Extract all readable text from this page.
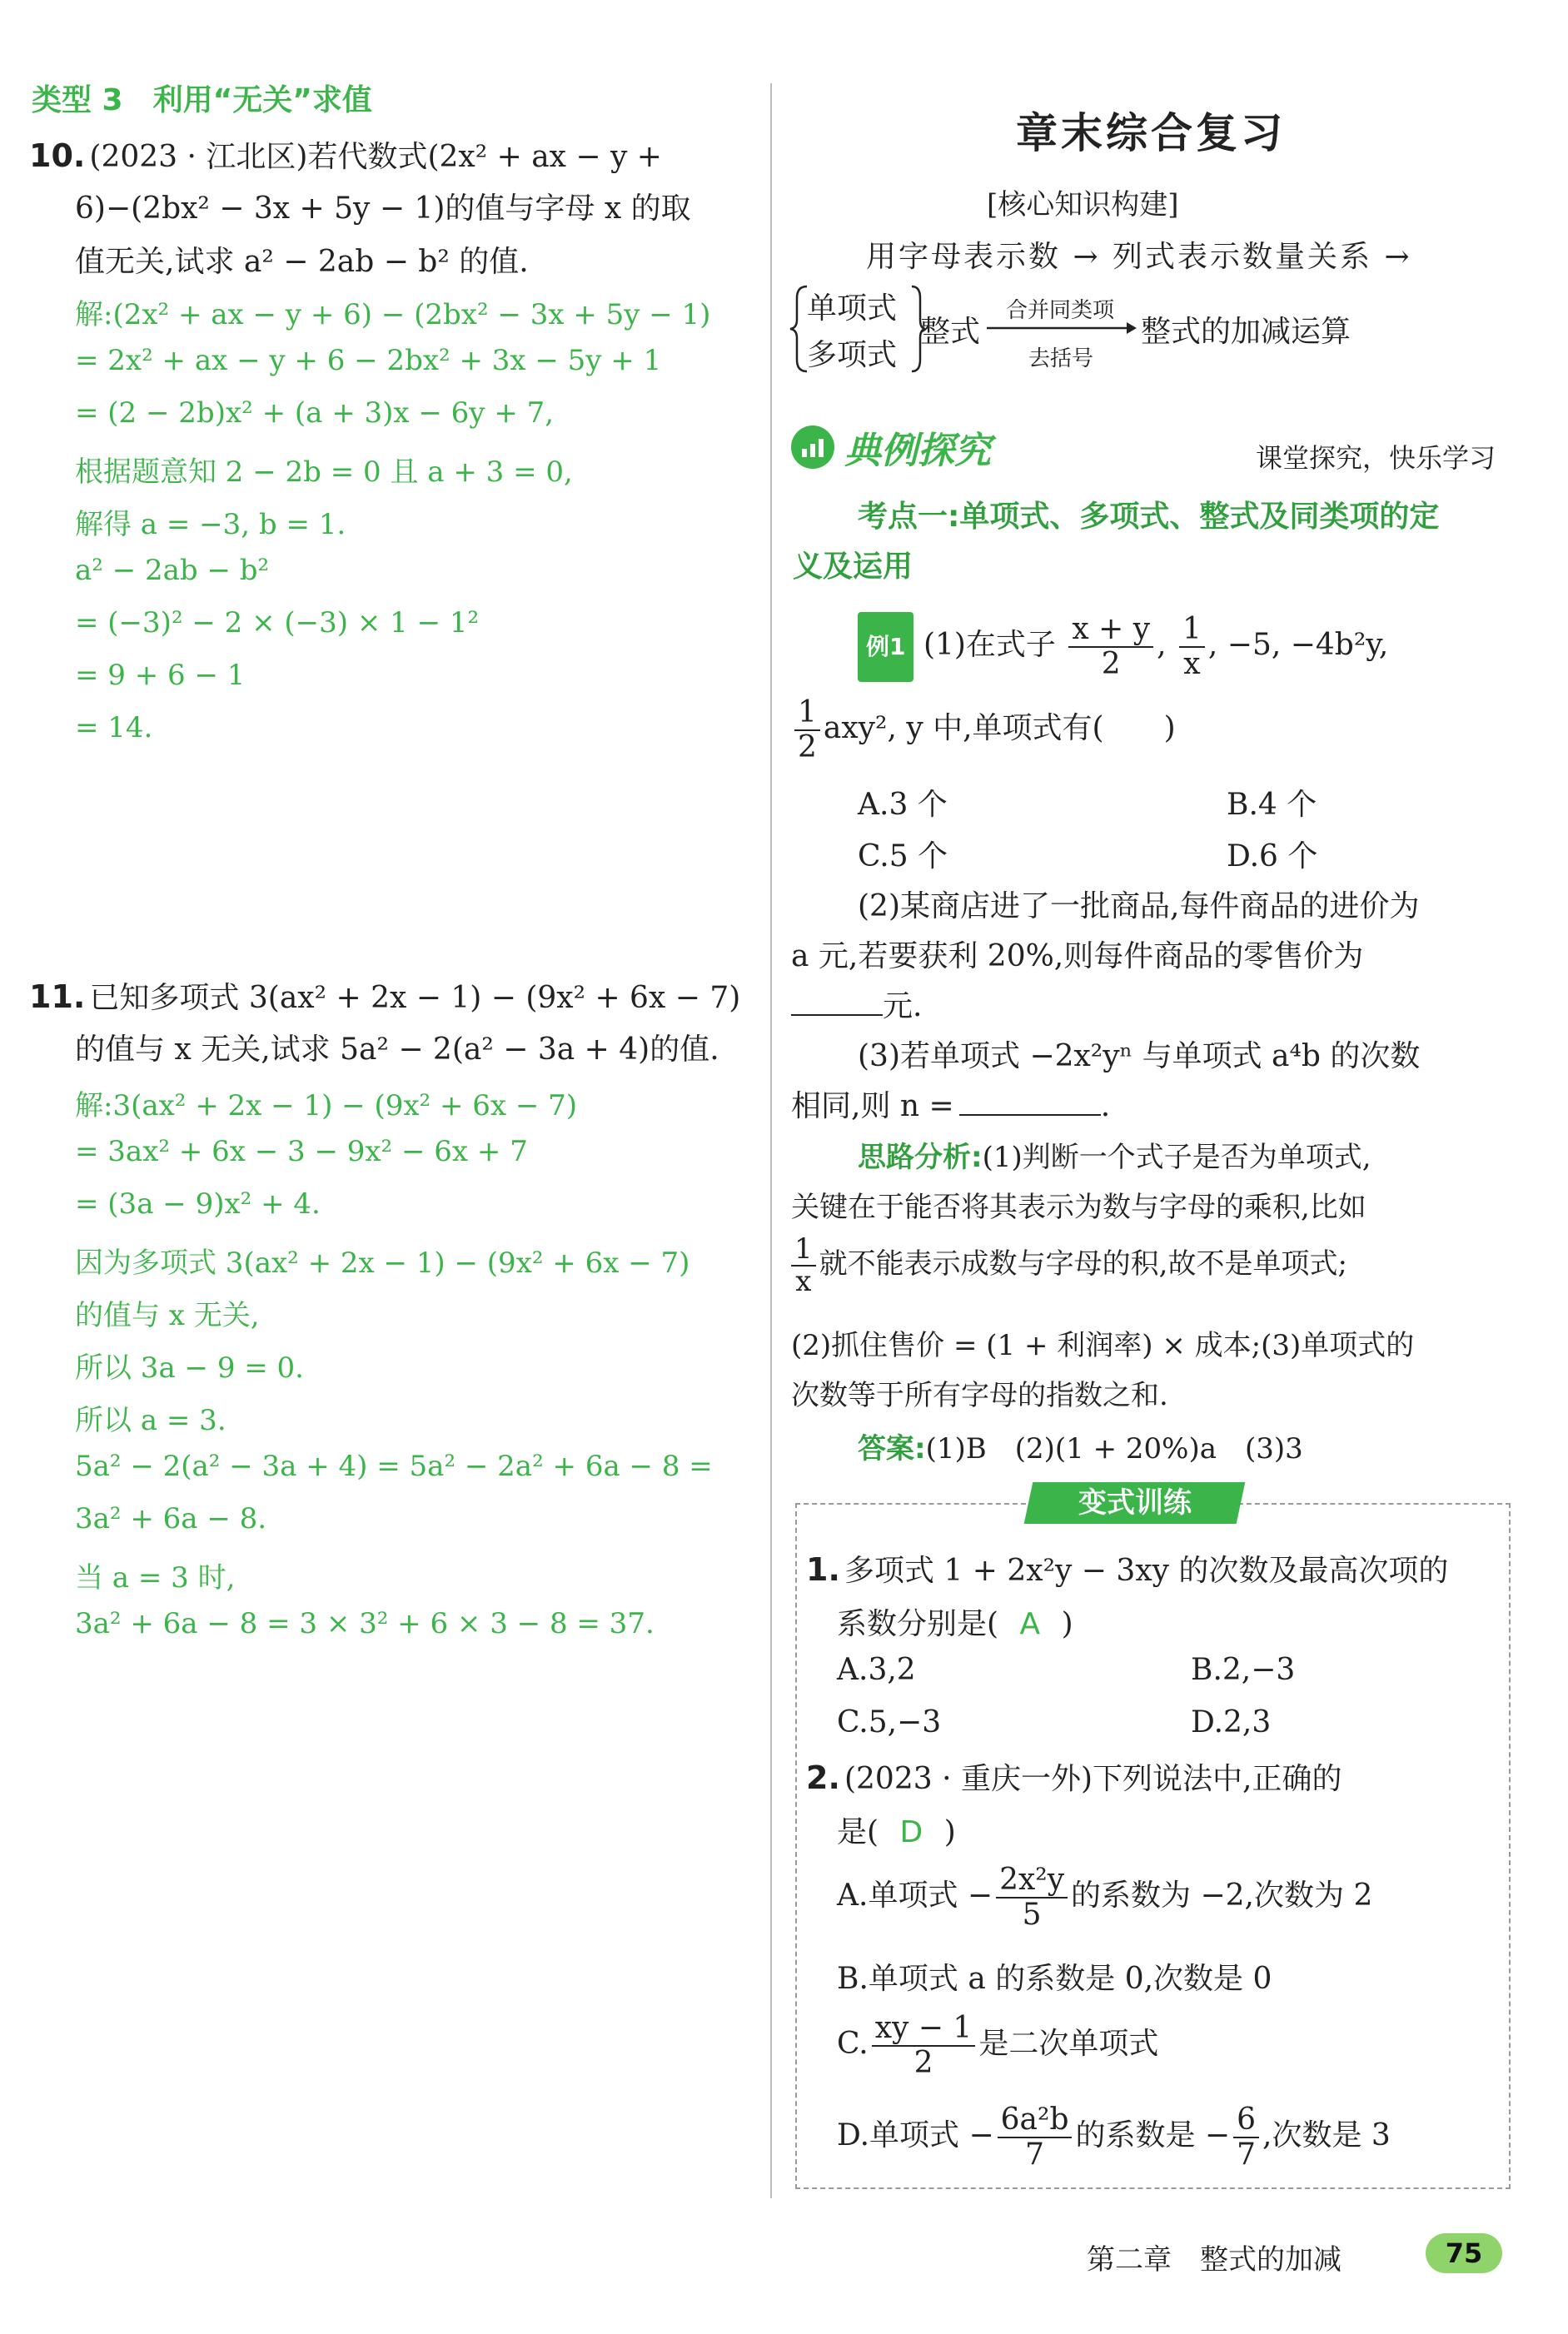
类型 3　利用“无关”求值
10. (2023 · 江北区)若代数式(2x² + ax − y +
6)−(2bx² − 3x + 5y − 1)的值与字母 x 的取
值无关,试求 a² − 2ab − b² 的值.
解:(2x² + ax − y + 6) − (2bx² − 3x + 5y − 1)
= 2x² + ax − y + 6 − 2bx² + 3x − 5y + 1
= (2 − 2b)x² + (a + 3)x − 6y + 7,
根据题意知 2 − 2b = 0 且 a + 3 = 0,
解得 a = −3, b = 1.
a² − 2ab − b²
= (−3)² − 2 × (−3) × 1 − 1²
= 9 + 6 − 1
= 14.
11. 已知多项式 3(ax² + 2x − 1) − (9x² + 6x − 7)
的值与 x 无关,试求 5a² − 2(a² − 3a + 4)的值.
解:3(ax² + 2x − 1) − (9x² + 6x − 7)
= 3ax² + 6x − 3 − 9x² − 6x + 7
= (3a − 9)x² + 4.
因为多项式 3(ax² + 2x − 1) − (9x² + 6x − 7)
的值与 x 无关,
所以 3a − 9 = 0.
所以 a = 3.
5a² − 2(a² − 3a + 4) = 5a² − 2a² + 6a − 8 =
3a² + 6a − 8.
当 a = 3 时,
3a² + 6a − 8 = 3 × 3² + 6 × 3 − 8 = 37.
章末综合复习
[核心知识构建]
用字母表示数 → 列式表示数量关系 →
单项式
多项式
整式
合并同类项
去括号
整式的加减运算
典例探究	课堂探究，快乐学习
考点一:单项式、多项式、整式及同类项的定
义及运用
例1 (1)在式子 $\frac{x + y}{2}$ , $\frac{1}{x}$ , −5, −4b²y,
$\frac{1}{2} axy^2$, y 中,单项式有(　　)
A.3 个	B.4 个
C.5 个	D.6 个
(2)某商店进了一批商品,每件商品的进价为
a 元,若要获利 20%,则每件商品的零售价为
元.
(3)若单项式 −2x²yⁿ 与单项式 a⁴b 的次数
相同,则 n =	.
思路分析:(1)判断一个式子是否为单项式,
关键在于能否将其表示为数与字母的乘积,比如
$\frac{1}{x}$ 就不能表示成数与字母的积,故不是单项式;
(2)抓住售价 = (1 + 利润率) × 成本;(3)单项式的
次数等于所有字母的指数之和.
答案:(1)B　(2)(1 + 20%)a　(3)3
变式训练
1. 多项式 1 + 2x²y − 3xy 的次数及最高次项的
系数分别是( A )
A.3,2	B.2,−3
C.5,−3	D.2,3
2. (2023 · 重庆一外)下列说法中,正确的
是( D )
A.单项式 − $\frac{\text{2x²y}}{5}$ 的系数为 −2,次数为 2
B.单项式 a 的系数是 0,次数是 0
C. $\frac{xy - 1}{2}$ 是二次单项式
D.单项式 − $\frac{\text{6a²b}}{7}$ 的系数是 − $\frac{6}{7}$ ,次数是 3
第二章　整式的加减	75
